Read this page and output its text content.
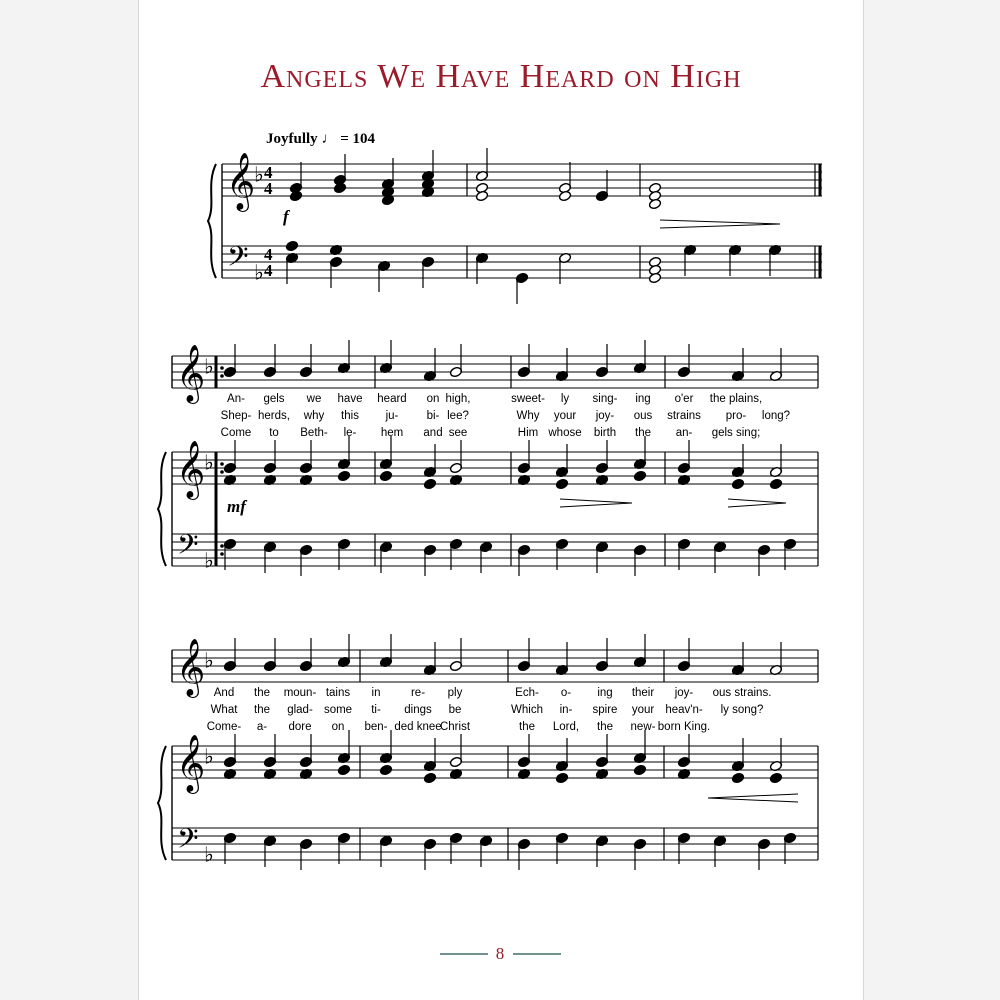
Angels We Have Heard on High
Joyfully ♩ = 104
𝄞
𝄢
♭
♭
4
4
4
4
𝄞
𝄢
♭
♭
𝄞
♭
𝄞
𝄢
♭
♭
𝄞
♭
f
mf
An- gels we have heard on high,	sweet- ly sing- ing o'er the plains,
Shep- herds, why this ju- bi- lee?	Why your joy- ous strains pro- long?
Come to Beth- le- hem and see	Him whose birth the an- gels sing;
And the moun- tains in	re- ply	Ech- o- ing their joy- ous strains.
What the glad- some ti- dings be	Which in- spire your heav'n- ly song?
Come- a- dore on ben- ded knee
Christ	the Lord, the new- born King.
8
